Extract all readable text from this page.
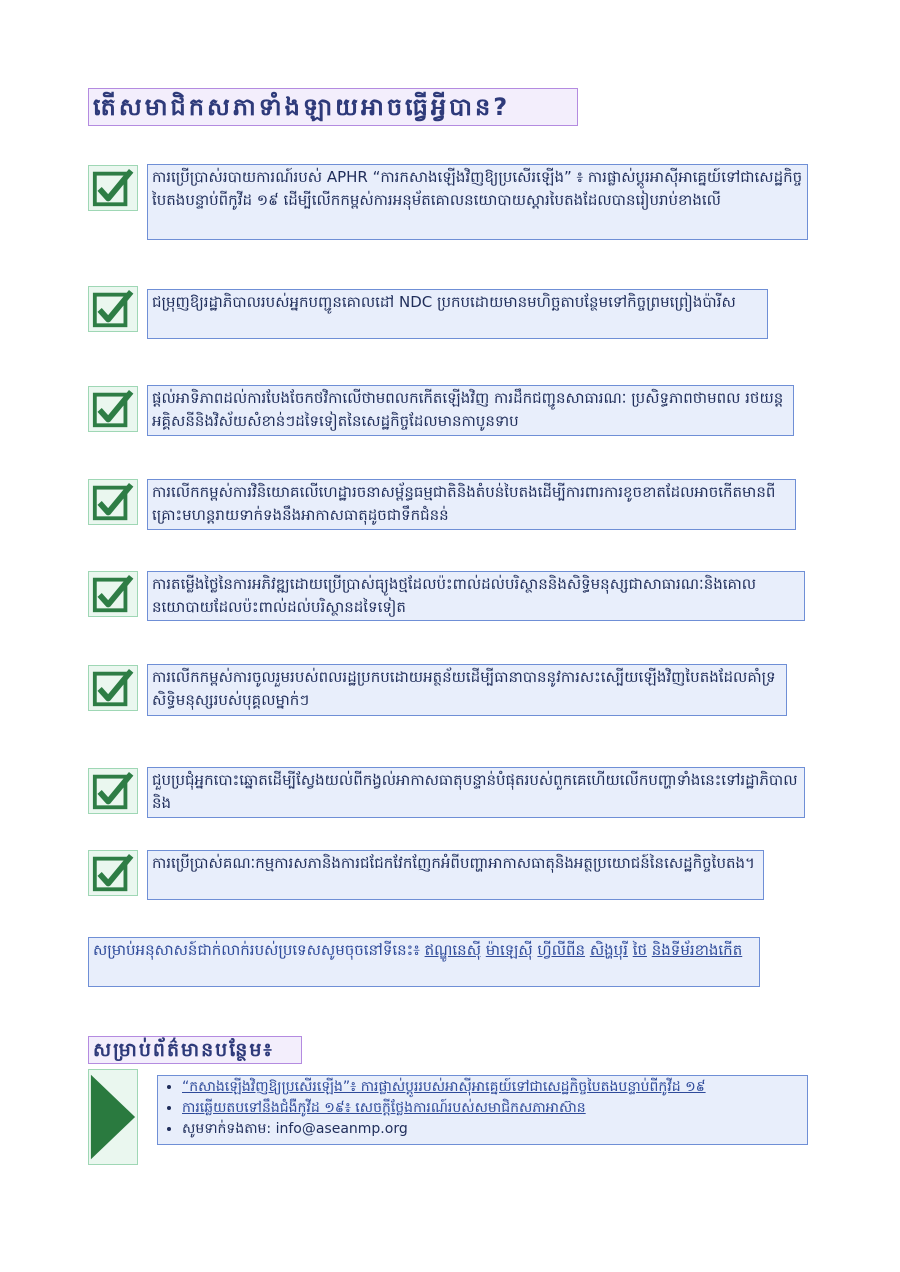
តើសមាជិកសភាទាំងឡាយអាចធ្វើអ្វីបាន?
ការប្រើប្រាស់របាយការណ៍របស់ APHR “ការកសាងឡើងវិញឱ្យប្រសើរឡើង” ៖ ការផ្លាស់ប្តូរអាស៊ីអាគ្នេយ៍ទៅជាសេដ្ឋកិច្ចបៃតងបន្ទាប់ពីកូវីដ ១៩ ដើម្បីលើកកម្ពស់ការអនុម័តគោលនយោបាយស្តារបៃតងដែលបានរៀបរាប់ខាងលើ
ជម្រុញឱ្យរដ្ឋាភិបាលរបស់អ្នកបញ្ជូនគោលដៅ NDC ប្រកបដោយមានមហិច្ឆតាបន្ថែមទៅកិច្ចព្រមព្រៀងប៉ារីស
ផ្តល់អាទិភាពដល់ការបែងចែកថវិកាលើថាមពលកកើតឡើងវិញ ការដឹកជញ្ជូនសាធារណៈ ប្រសិទ្ធភាពថាមពល រថយន្តអគ្គិសនីនិងវិស័យសំខាន់ៗដទៃទៀតនៃសេដ្ឋកិច្ចដែលមានកាបូនទាប
ការលើកកម្ពស់ការវិនិយោគលើហេដ្ឋារចនាសម្ព័ន្ធធម្មជាតិនិងតំបន់បៃតងដើម្បីការពារការខូចខាតដែលអាចកើតមានពីគ្រោះមហន្តរាយទាក់ទងនឹងអាកាសធាតុដូចជាទឹកជំនន់
ការតម្លើងថ្លៃនៃការអភិវឌ្ឍដោយប្រើប្រាស់ធ្យូងថ្មដែលប៉ះពាល់ដល់បរិស្ថាននិងសិទ្ធិមនុស្សជាសាធារណៈនិងគោលនយោបាយដែលប៉ះពាល់ដល់បរិស្ថានដទៃទៀត
ការលើកកម្ពស់ការចូលរួមរបស់ពលរដ្ឋប្រកបដោយអត្ថន័យដើម្បីធានាបាននូវការសះស្បើយឡើងវិញបៃតងដែលគាំទ្រសិទ្ធិមនុស្សរបស់បុគ្គលម្នាក់ៗ
ជួបប្រជុំអ្នកបោះឆ្នោតដើម្បីស្វែងយល់ពីកង្វល់អាកាសធាតុបន្ទាន់បំផុតរបស់ពួកគេហើយលើកបញ្ហាទាំងនេះទៅរដ្ឋាភិបាល និង
ការប្រើប្រាស់គណៈកម្មការសភានិងការជជែកវែកញែកអំពីបញ្ហាអាកាសធាតុនិងអត្ថប្រយោជន៍នៃសេដ្ឋកិច្ចបៃតង។
សម្រាប់អនុសាសន៍ជាក់លាក់របស់ប្រទេសសូមចុចនៅទីនេះ៖ ឥណ្ឌូនេស៊ី ម៉ាឡេស៊ី ហ្វីលីពីន សិង្ហបុរី ថៃ និងទីម័រខាងកើត
សម្រាប់ព័ត៌មានបន្ថែម៖
• “កសាងឡើងវិញឱ្យប្រសើរឡើង”៖ ការផ្លាស់ប្តូររបស់អាស៊ីអាគ្នេយ៍ទៅជាសេដ្ឋកិច្ចបៃតងបន្ទាប់ពីកូវីដ ១៩
• ការឆ្លើយតបទៅនឹងជំងឺកូវីដ ១៩៖ សេចក្តីថ្លែងការណ៍របស់សមាជិកសភាអាស៊ាន
• សូមទាក់ទងតាម: info@aseanmp.org
